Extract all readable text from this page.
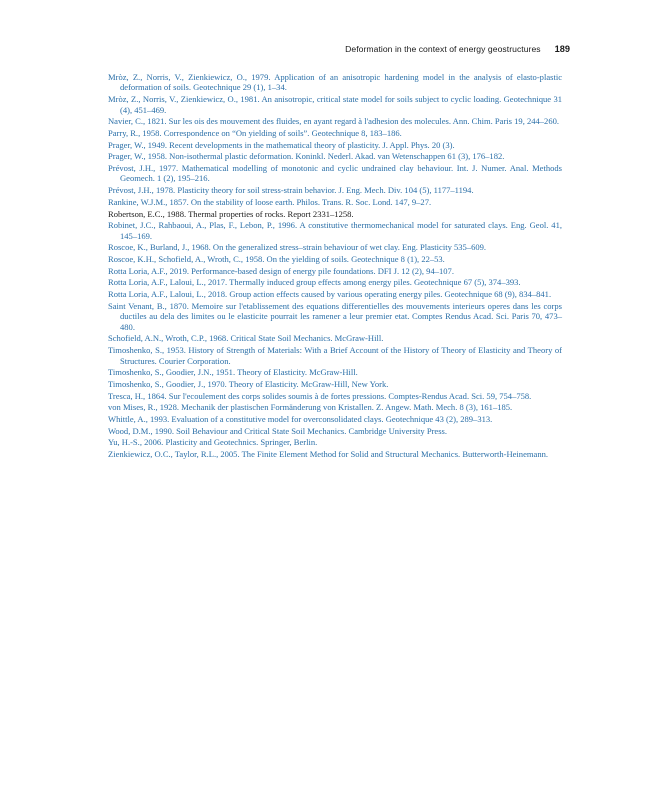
Deformation in the context of energy geostructures 189
Mròz, Z., Norris, V., Zienkiewicz, O., 1979. Application of an anisotropic hardening model in the analysis of elasto-plastic deformation of soils. Geotechnique 29 (1), 1–34.
Mròz, Z., Norris, V., Zienkiewicz, O., 1981. An anisotropic, critical state model for soils subject to cyclic loading. Geotechnique 31 (4), 451–469.
Navier, C., 1821. Sur les ois des mouvement des fluides, en ayant regard à l'adhesion des molecules. Ann. Chim. Paris 19, 244–260.
Parry, R., 1958. Correspondence on “On yielding of soils”. Geotechnique 8, 183–186.
Prager, W., 1949. Recent developments in the mathematical theory of plasticity. J. Appl. Phys. 20 (3).
Prager, W., 1958. Non-isothermal plastic deformation. Koninkl. Nederl. Akad. van Wetenschappen 61 (3), 176–182.
Prévost, J.H., 1977. Mathematical modelling of monotonic and cyclic undrained clay behaviour. Int. J. Numer. Anal. Methods Geomech. 1 (2), 195–216.
Prévost, J.H., 1978. Plasticity theory for soil stress-strain behavior. J. Eng. Mech. Div. 104 (5), 1177–1194.
Rankine, W.J.M., 1857. On the stability of loose earth. Philos. Trans. R. Soc. Lond. 147, 9–27.
Robertson, E.C., 1988. Thermal properties of rocks. Report 2331–1258.
Robinet, J.C., Rahbaoui, A., Plas, F., Lebon, P., 1996. A constitutive thermomechanical model for saturated clays. Eng. Geol. 41, 145–169.
Roscoe, K., Burland, J., 1968. On the generalized stress–strain behaviour of wet clay. Eng. Plasticity 535–609.
Roscoe, K.H., Schofield, A., Wroth, C., 1958. On the yielding of soils. Geotechnique 8 (1), 22–53.
Rotta Loria, A.F., 2019. Performance-based design of energy pile foundations. DFI J. 12 (2), 94–107.
Rotta Loria, A.F., Laloui, L., 2017. Thermally induced group effects among energy piles. Geotechnique 67 (5), 374–393.
Rotta Loria, A.F., Laloui, L., 2018. Group action effects caused by various operating energy piles. Geotechnique 68 (9), 834–841.
Saint Venant, B., 1870. Memoire sur l'etablissement des equations differentielles des mouvements interieurs operes dans les corps ductiles au dela des limites ou le elasticite pourrait les ramener a leur premier etat. Comptes Rendus Acad. Sci. Paris 70, 473–480.
Schofield, A.N., Wroth, C.P., 1968. Critical State Soil Mechanics. McGraw-Hill.
Timoshenko, S., 1953. History of Strength of Materials: With a Brief Account of the History of Theory of Elasticity and Theory of Structures. Courier Corporation.
Timoshenko, S., Goodier, J.N., 1951. Theory of Elasticity. McGraw-Hill.
Timoshenko, S., Goodier, J., 1970. Theory of Elasticity. McGraw-Hill, New York.
Tresca, H., 1864. Sur l'ecoulement des corps solides soumis à de fortes pressions. Comptes-Rendus Acad. Sci. 59, 754–758.
von Mises, R., 1928. Mechanik der plastischen Formänderung von Kristallen. Z. Angew. Math. Mech. 8 (3), 161–185.
Whittle, A., 1993. Evaluation of a constitutive model for overconsolidated clays. Geotechnique 43 (2), 289–313.
Wood, D.M., 1990. Soil Behaviour and Critical State Soil Mechanics. Cambridge University Press.
Yu, H.-S., 2006. Plasticity and Geotechnics. Springer, Berlin.
Zienkiewicz, O.C., Taylor, R.L., 2005. The Finite Element Method for Solid and Structural Mechanics. Butterworth-Heinemann.
